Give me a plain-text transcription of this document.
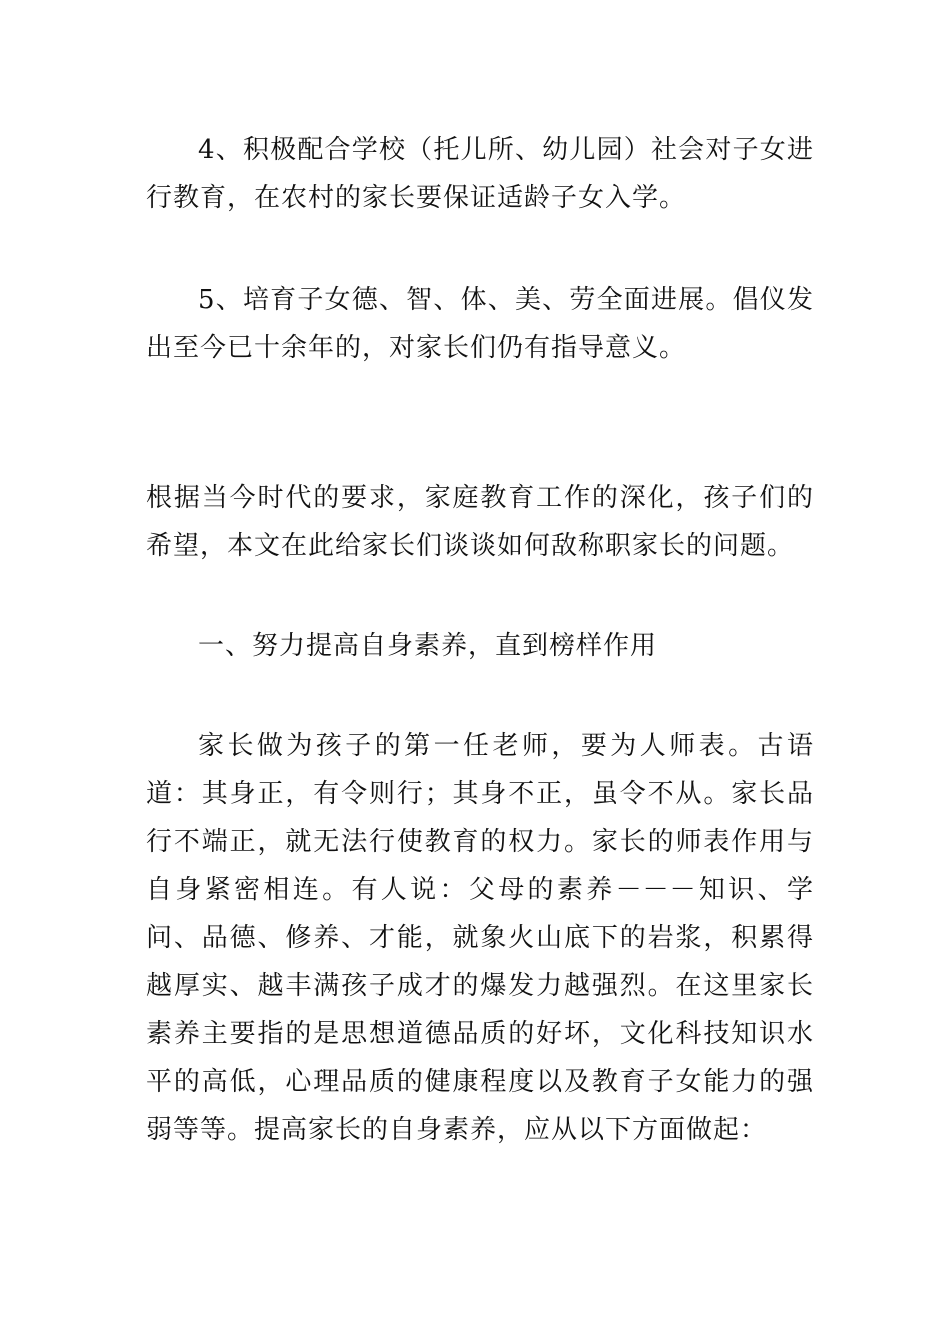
4、积极配合学校（托儿所、幼儿园）社会对子女进行教育，在农村的家长要保证适龄子女入学。

5、培育子女德、智、体、美、劳全面进展。倡仪发出至今已十余年的，对家长们仍有指导意义。

根据当今时代的要求，家庭教育工作的深化，孩子们的希望，本文在此给家长们谈谈如何敌称职家长的问题。

一、努力提高自身素养，直到榜样作用

家长做为孩子的第一任老师，要为人师表。古语道：其身正，有令则行；其身不正，虽令不从。家长品行不端正，就无法行使教育的权力。家长的师表作用与自身紧密相连。有人说：父母的素养－－－知识、学问、品德、修养、才能，就象火山底下的岩浆，积累得越厚实、越丰满孩子成才的爆发力越强烈。在这里家长素养主要指的是思想道德品质的好坏，文化科技知识水平的高低，心理品质的健康程度以及教育子女能力的强弱等等。提高家长的自身素养，应从以下方面做起：
